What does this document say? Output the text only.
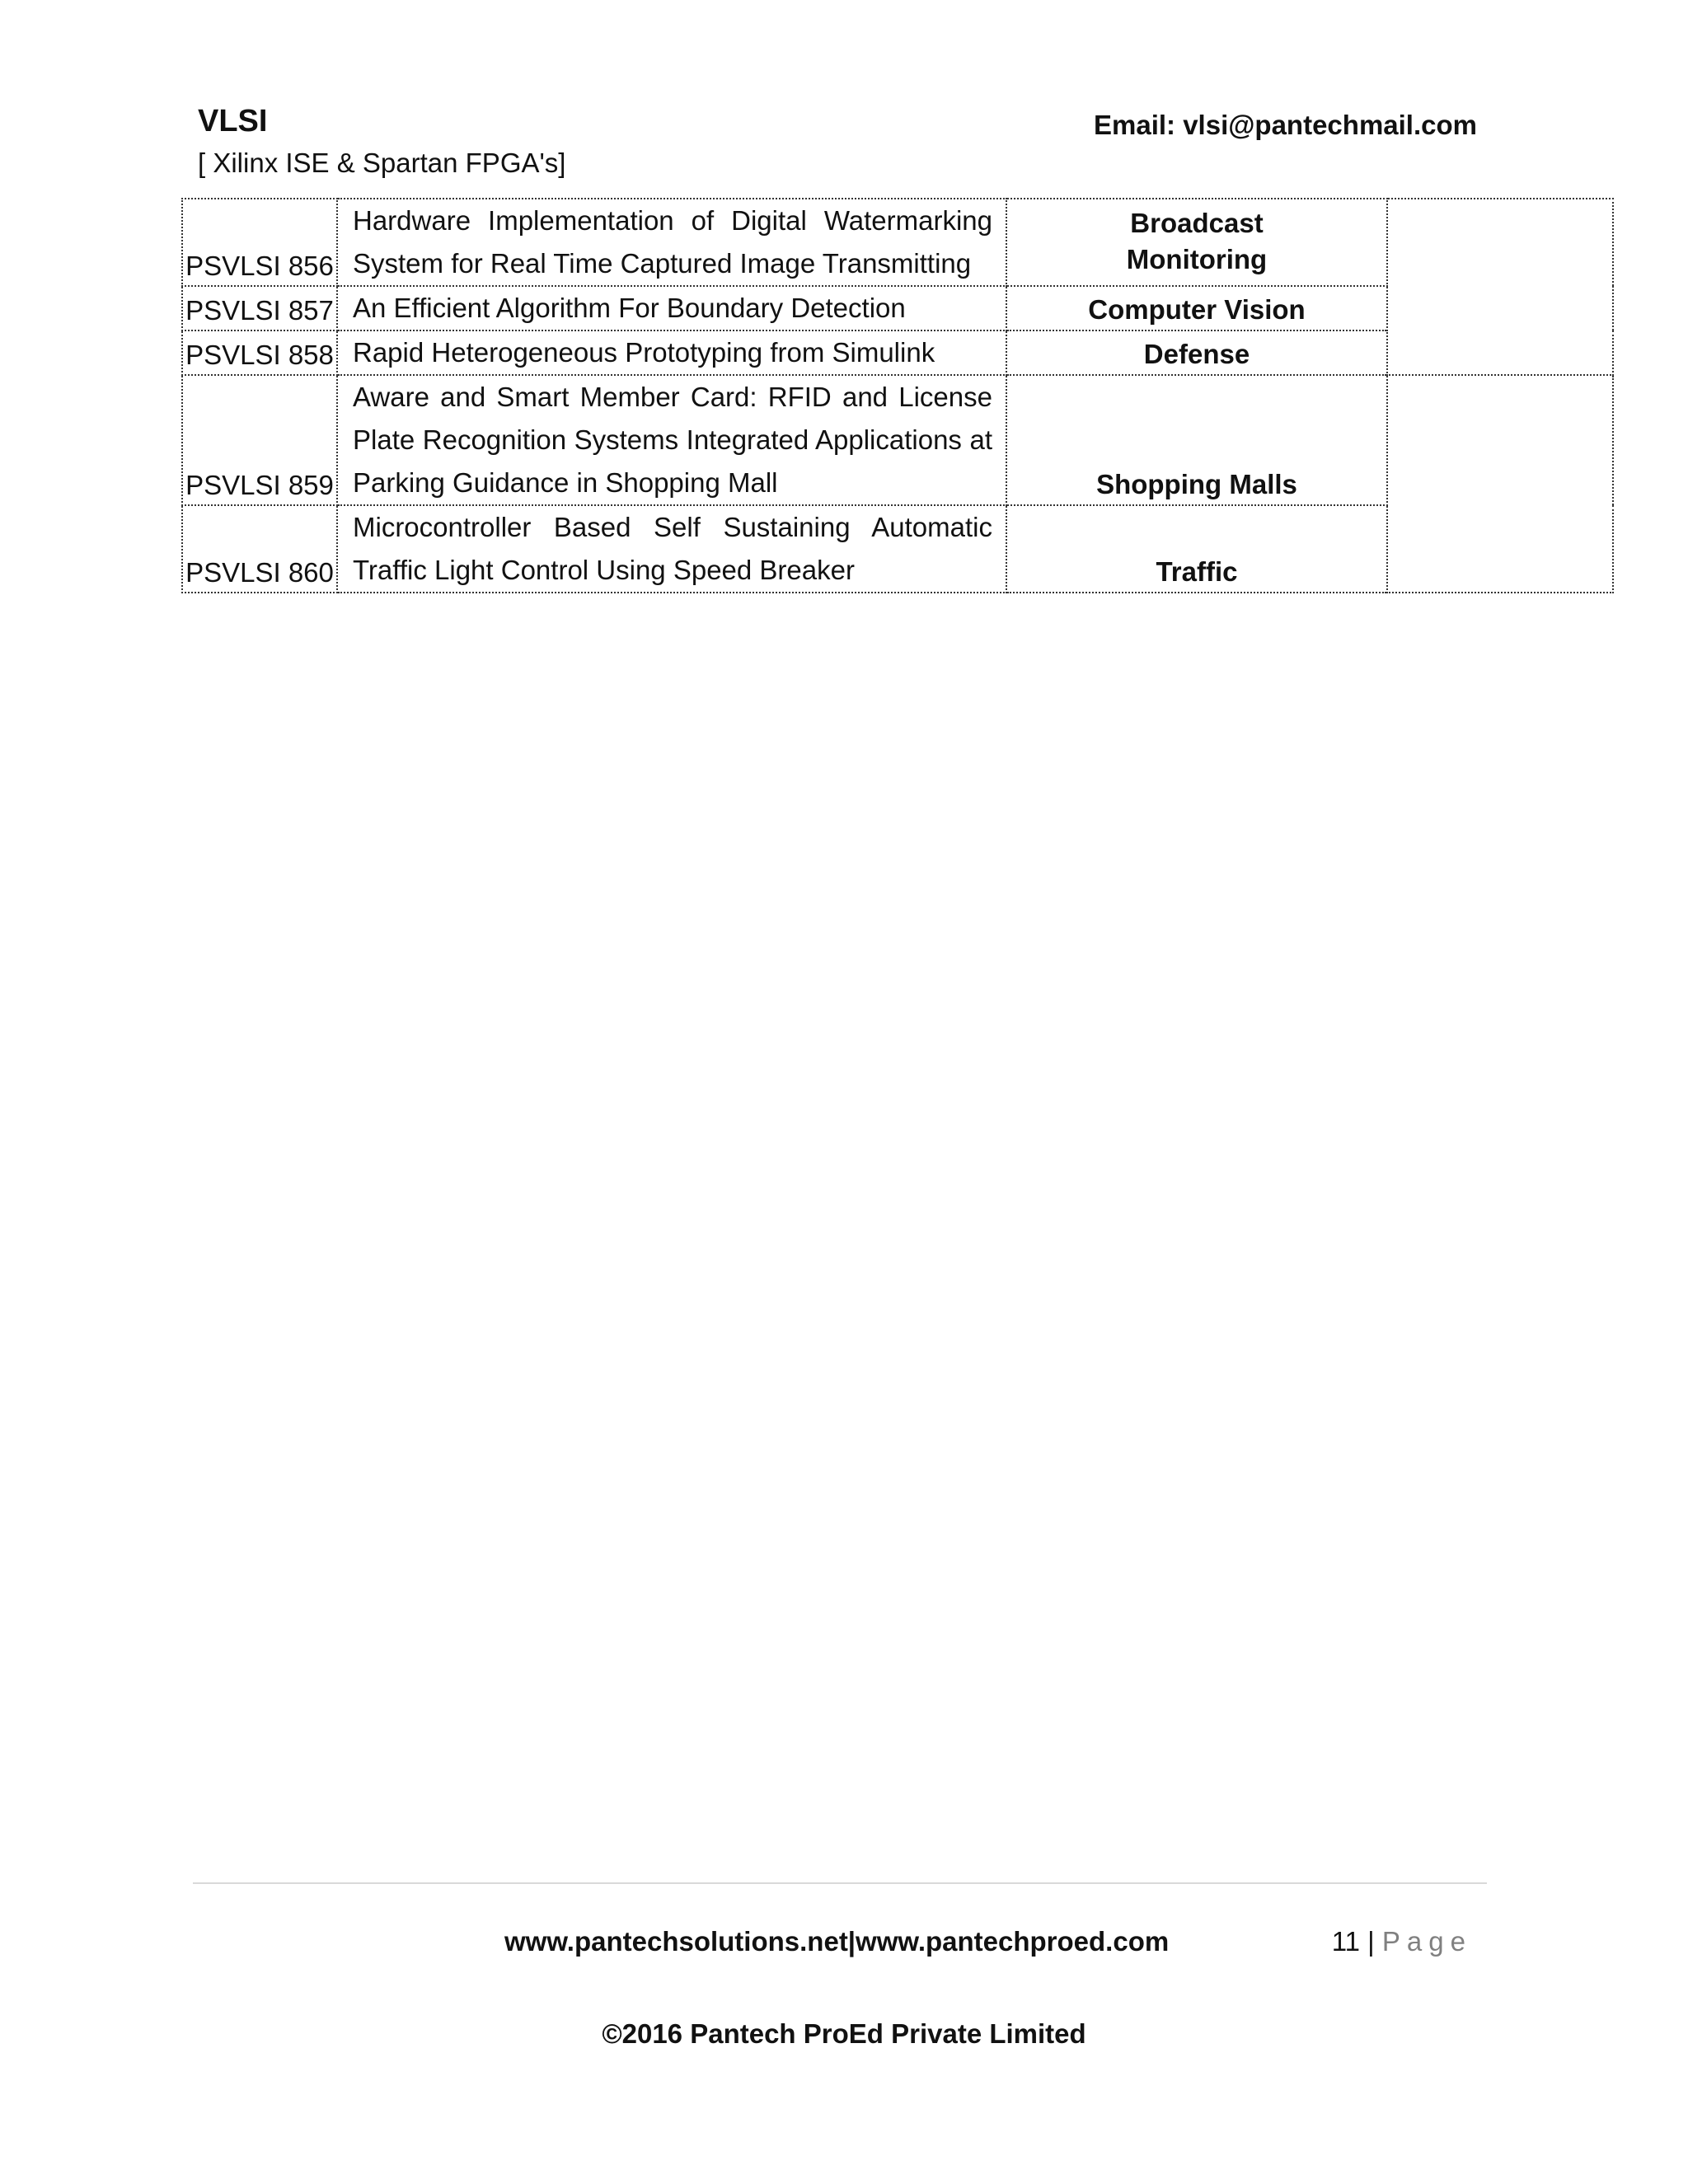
VLSI
[ Xilinx ISE & Spartan FPGA's]
Email: vlsi@pantechmail.com
PSVLSI 856	Hardware Implementation of Digital Watermarking System for Real Time Captured Image Transmitting	Broadcast Monitoring	
PSVLSI 857	An Efficient Algorithm For Boundary Detection	Computer Vision	
PSVLSI 858	Rapid Heterogeneous Prototyping from Simulink	Defense	
PSVLSI 859	Aware and Smart Member Card: RFID and License Plate Recognition Systems Integrated Applications at Parking Guidance in Shopping Mall	Shopping Malls	
PSVLSI 860	Microcontroller Based Self Sustaining Automatic Traffic Light Control Using Speed Breaker	Traffic	
www.pantechsolutions.net|www.pantechproed.com	11 | Page
©2016 Pantech ProEd Private Limited
